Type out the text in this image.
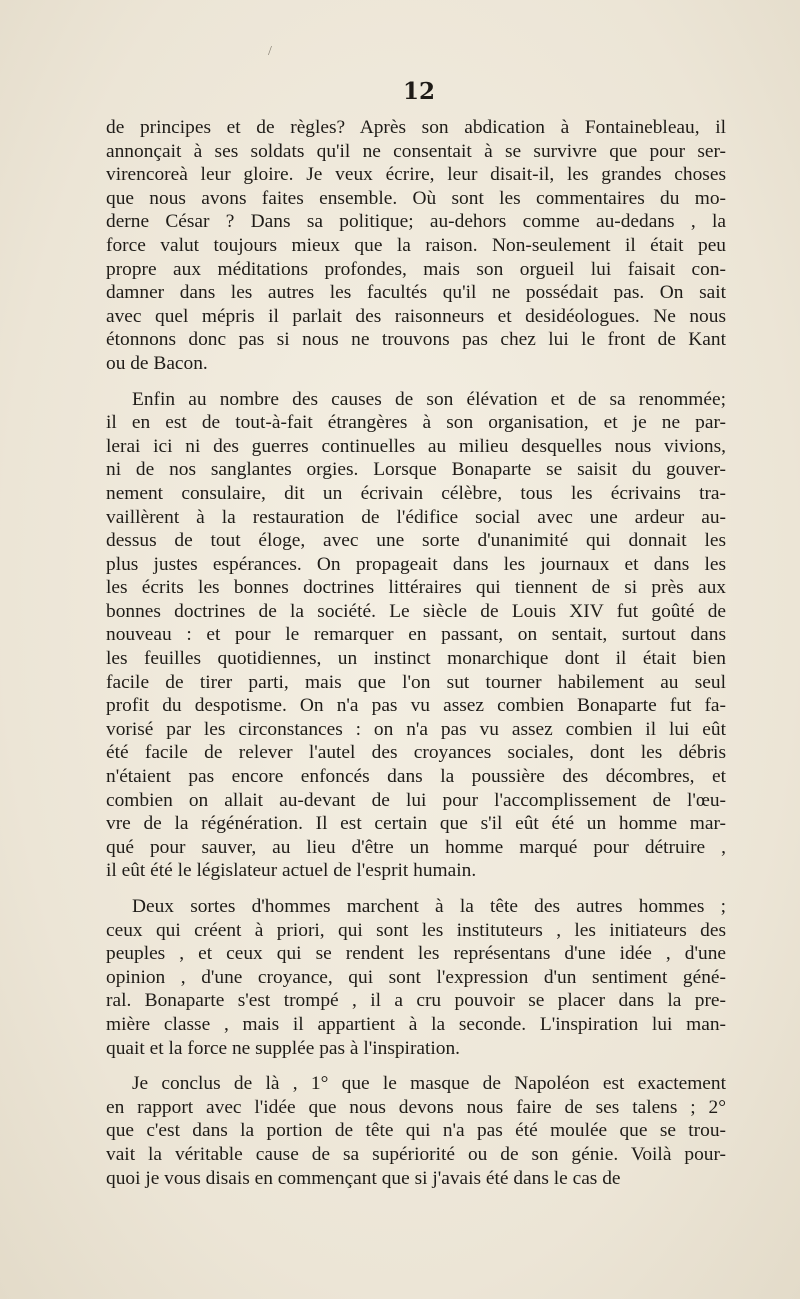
12
de principes et de règles? Après son abdication à Fontainebleau, il
annonçait à ses soldats qu'il ne consentait à se survivre que pour ser-
virencoreà leur gloire. Je veux écrire, leur disait-il, les grandes choses
que nous avons faites ensemble. Où sont les commentaires du mo-
derne César ? Dans sa politique; au-dehors comme au-dedans , la
force valut toujours mieux que la raison. Non-seulement il était peu
propre aux méditations profondes, mais son orgueil lui faisait con-
damner dans les autres les facultés qu'il ne possédait pas. On sait
avec quel mépris il parlait des raisonneurs et desidéologues. Ne nous
étonnons donc pas si nous ne trouvons pas chez lui le front de Kant
ou de Bacon.
Enfin au nombre des causes de son élévation et de sa renommée;
il en est de tout-à-fait étrangères à son organisation, et je ne par-
lerai ici ni des guerres continuelles au milieu desquelles nous vivions,
ni de nos sanglantes orgies. Lorsque Bonaparte se saisit du gouver-
nement consulaire, dit un écrivain célèbre, tous les écrivains tra-
vaillèrent à la restauration de l'édifice social avec une ardeur au-
dessus de tout éloge, avec une sorte d'unanimité qui donnait les
plus justes espérances. On propageait dans les journaux et dans les
les écrits les bonnes doctrines littéraires qui tiennent de si près aux
bonnes doctrines de la société. Le siècle de Louis XIV fut goûté de
nouveau : et pour le remarquer en passant, on sentait, surtout dans
les feuilles quotidiennes, un instinct monarchique dont il était bien
facile de tirer parti, mais que l'on sut tourner habilement au seul
profit du despotisme. On n'a pas vu assez combien Bonaparte fut fa-
vorisé par les circonstances : on n'a pas vu assez combien il lui eût
été facile de relever l'autel des croyances sociales, dont les débris
n'étaient pas encore enfoncés dans la poussière des décombres, et
combien on allait au-devant de lui pour l'accomplissement de l'œu-
vre de la régénération. Il est certain que s'il eût été un homme mar-
qué pour sauver, au lieu d'être un homme marqué pour détruire ,
il eût été le législateur actuel de l'esprit humain.
Deux sortes d'hommes marchent à la tête des autres hommes ;
ceux qui créent à priori, qui sont les instituteurs , les initiateurs des
peuples , et ceux qui se rendent les représentans d'une idée , d'une
opinion , d'une croyance, qui sont l'expression d'un sentiment géné-
ral. Bonaparte s'est trompé , il a cru pouvoir se placer dans la pre-
mière classe , mais il appartient à la seconde. L'inspiration lui man-
quait et la force ne supplée pas à l'inspiration.
Je conclus de là , 1° que le masque de Napoléon est exactement
en rapport avec l'idée que nous devons nous faire de ses talens ; 2°
que c'est dans la portion de tête qui n'a pas été moulée que se trou-
vait la véritable cause de sa supériorité ou de son génie. Voilà pour-
quoi je vous disais en commençant que si j'avais été dans le cas de
/
